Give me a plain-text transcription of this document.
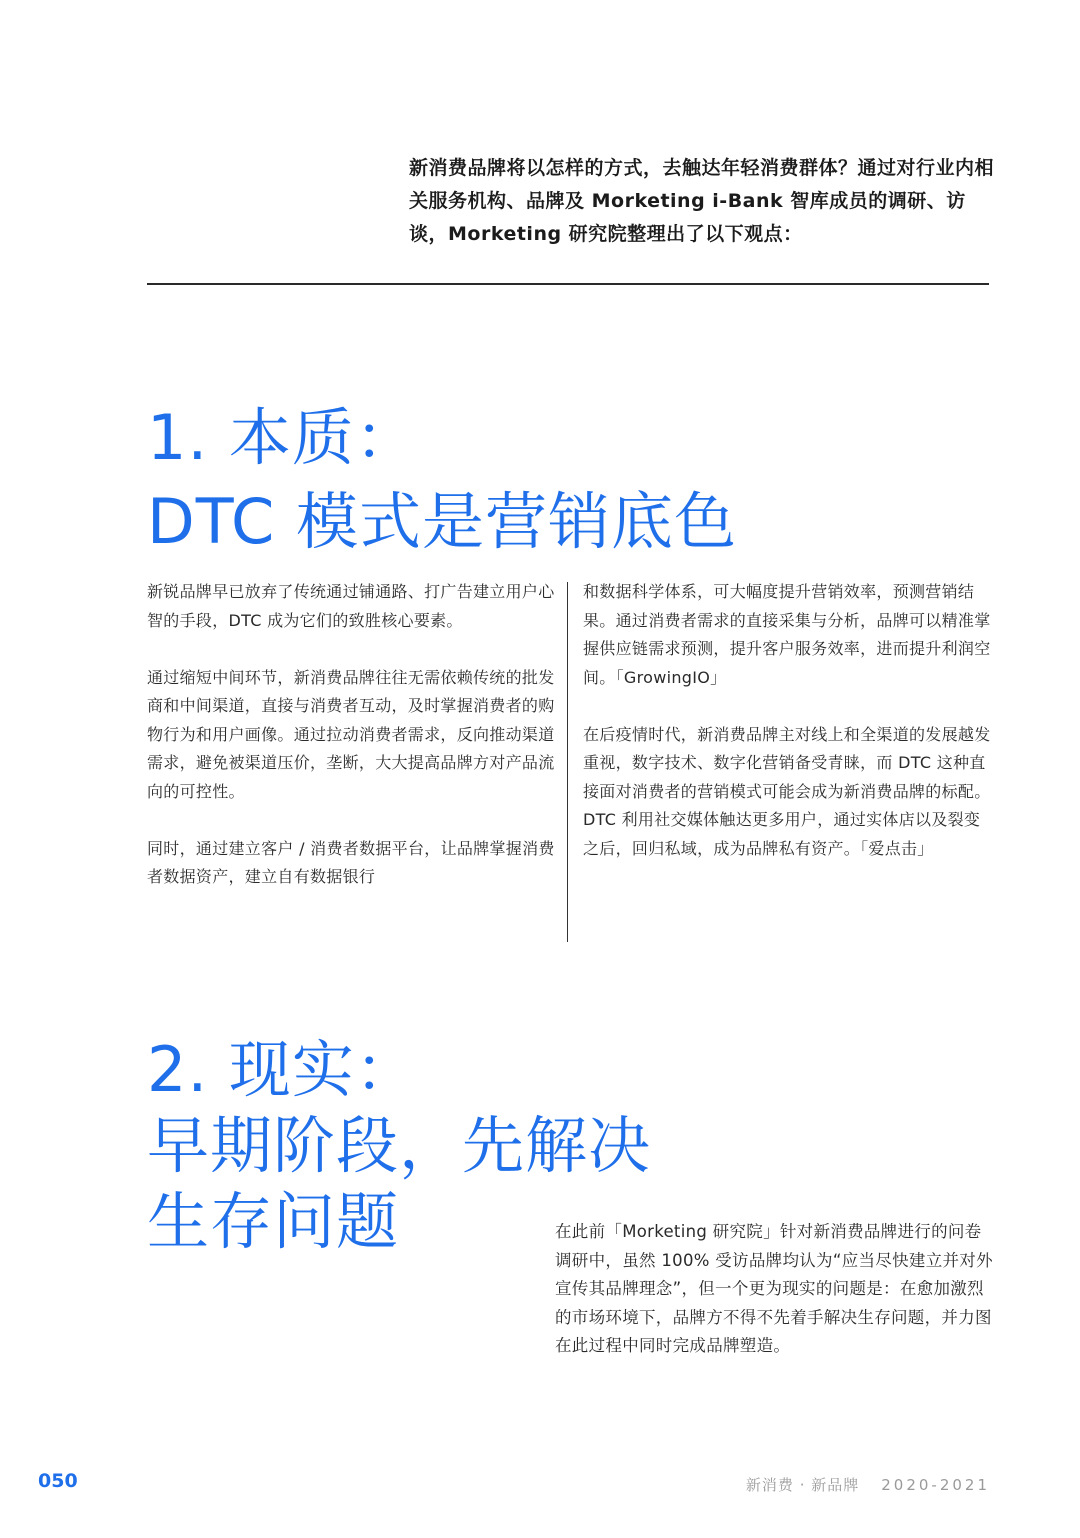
新消费品牌将以怎样的方式，去触达年轻消费群体？通过对行业内相关服务机构、品牌及 Morketing i-Bank 智库成员的调研、访谈，Morketing 研究院整理出了以下观点：
1. 本质：
DTC 模式是营销底色

新锐品牌早已放弃了传统通过铺通路、打广告建立用户心智的手段，DTC 成为它们的致胜核心要素。

通过缩短中间环节，新消费品牌往往无需依赖传统的批发商和中间渠道，直接与消费者互动，及时掌握消费者的购物行为和用户画像。通过拉动消费者需求，反向推动渠道需求，避免被渠道压价，垄断，大大提高品牌方对产品流向的可控性。

同时，通过建立客户 / 消费者数据平台，让品牌掌握消费者数据资产，建立自有数据银行

和数据科学体系，可大幅度提升营销效率，预测营销结果。通过消费者需求的直接采集与分析，品牌可以精准掌握供应链需求预测，提升客户服务效率，进而提升利润空间。「GrowingIO」

在后疫情时代，新消费品牌主对线上和全渠道的发展越发重视，数字技术、数字化营销备受青睐，而 DTC 这种直接面对消费者的营销模式可能会成为新消费品牌的标配。DTC 利用社交媒体触达更多用户，通过实体店以及裂变之后，回归私域，成为品牌私有资产。「爱点击」

2. 现实：
早期阶段，先解决
生存问题	在此前「Morketing 研究院」针对新消费品牌进行的问卷调研中，虽然 100% 受访品牌均认为“应当尽快建立并对外宣传其品牌理念”，但一个更为现实的问题是：在愈加激烈的市场环境下，品牌方不得不先着手解决生存问题，并力图在此过程中同时完成品牌塑造。
050	新消费 · 新品牌 2020-2021
